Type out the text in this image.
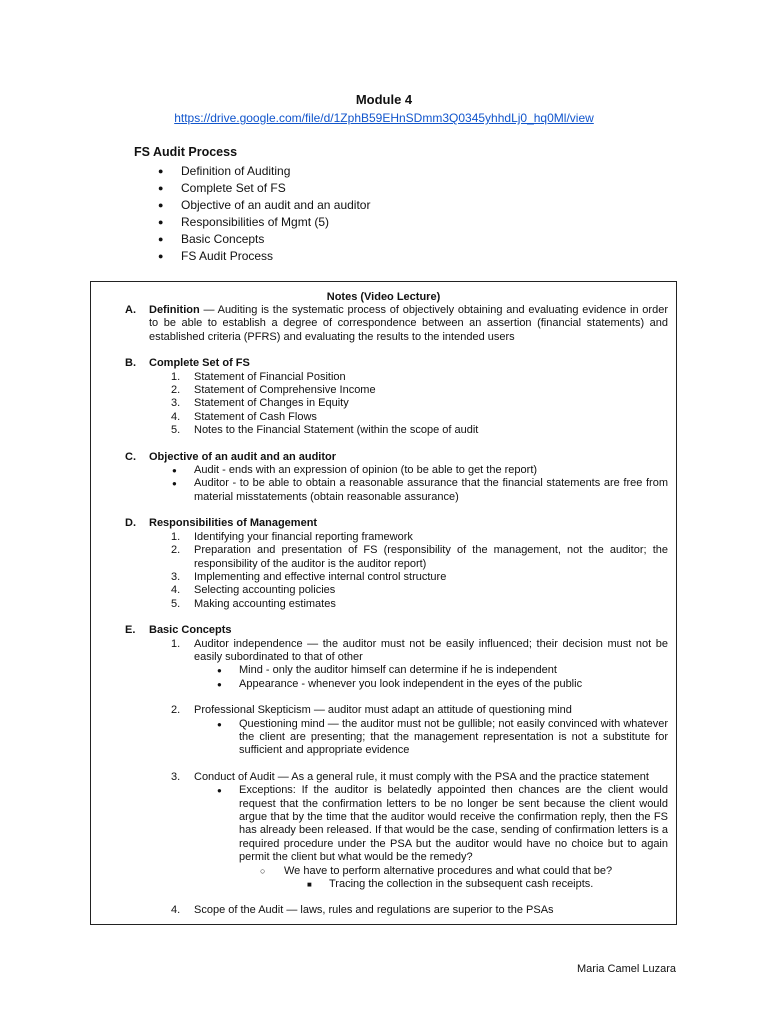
Module 4
https://drive.google.com/file/d/1ZphB59EHnSDmm3Q0345yhhdLj0_hq0Ml/view
FS Audit Process
● Definition of Auditing
● Complete Set of FS
● Objective of an audit and an auditor
● Responsibilities of Mgmt (5)
● Basic Concepts
● FS Audit Process
Notes (Video Lecture)
A. Definition — Auditing is the systematic process of objectively obtaining and evaluating evidence in order to be able to establish a degree of correspondence between an assertion (financial statements) and established criteria (PFRS) and evaluating the results to the intended users
B. Complete Set of FS
1. Statement of Financial Position
2. Statement of Comprehensive Income
3. Statement of Changes in Equity
4. Statement of Cash Flows
5. Notes to the Financial Statement (within the scope of audit
C. Objective of an audit and an auditor
● Audit - ends with an expression of opinion (to be able to get the report)
● Auditor - to be able to obtain a reasonable assurance that the financial statements are free from material misstatements (obtain reasonable assurance)
D. Responsibilities of Management
1. Identifying your financial reporting framework
2. Preparation and presentation of FS (responsibility of the management, not the auditor; the responsibility of the auditor is the auditor report)
3. Implementing and effective internal control structure
4. Selecting accounting policies
5. Making accounting estimates
E. Basic Concepts
1. Auditor independence — the auditor must not be easily influenced; their decision must not be easily subordinated to that of other
● Mind - only the auditor himself can determine if he is independent
● Appearance - whenever you look independent in the eyes of the public
2. Professional Skepticism — auditor must adapt an attitude of questioning mind
● Questioning mind — the auditor must not be gullible; not easily convinced with whatever the client are presenting; that the management representation is not a substitute for sufficient and appropriate evidence
3. Conduct of Audit — As a general rule, it must comply with the PSA and the practice statement
● Exceptions: If the auditor is belatedly appointed then chances are the client would request that the confirmation letters to be no longer be sent because the client would argue that by the time that the auditor would receive the confirmation reply, then the FS has already been released. If that would be the case, sending of confirmation letters is a required procedure under the PSA but the auditor would have no choice but to again permit the client but what would be the remedy?
○ We have to perform alternative procedures and what could that be?
■ Tracing the collection in the subsequent cash receipts.
4. Scope of the Audit — laws, rules and regulations are superior to the PSAs
Maria Camel Luzara
